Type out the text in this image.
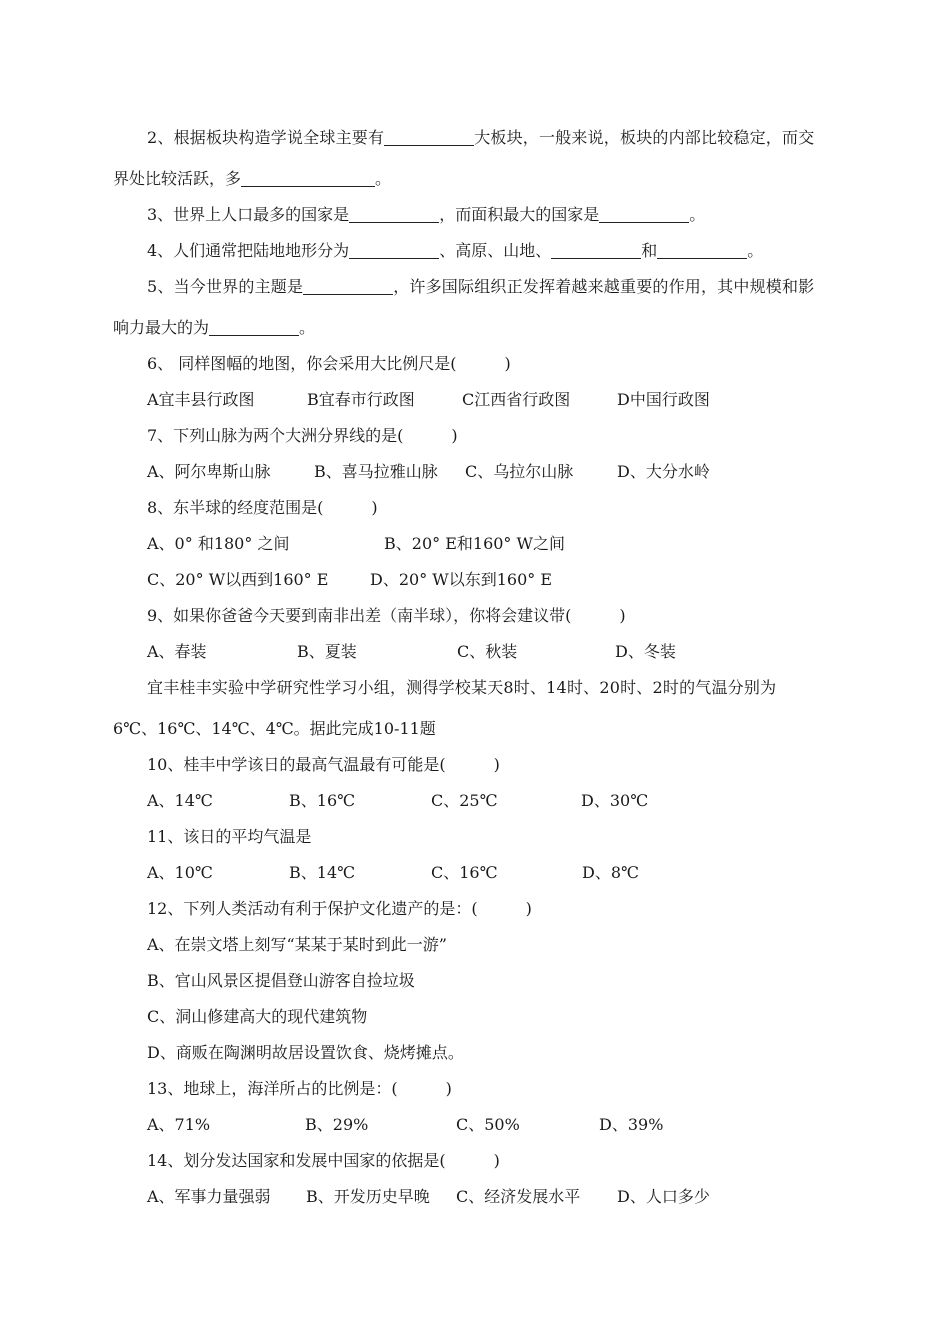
2、根据板块构造学说全球主要有	大板块，一般来说，板块的内部比较稳定，而交
界处比较活跃，多	。
3、世界上人口最多的国家是	，而面积最大的国家是	。
4、人们通常把陆地地形分为	、高原、山地、	和	。
5、当今世界的主题是	，许多国际组织正发挥着越来越重要的作用，其中规模和影
响力最大的为	。
6、 同样图幅的地图，你会采用大比例尺是(　　　)
A宜丰县行政图	B宜春市行政图	C江西省行政图	D中国行政图
7、下列山脉为两个大洲分界线的是(　　　)
A、阿尔卑斯山脉	B、喜马拉雅山脉 C、乌拉尔山脉	D、大分水岭
8、东半球的经度范围是(　　　)
A、0° 和180° 之间	B、20° E和160° W之间
C、20° W以西到160° E	D、20° W以东到160° E
9、如果你爸爸今天要到南非出差（南半球），你将会建议带(　　　)
A、春装	B、夏装	C、秋装	D、冬装
宜丰桂丰实验中学研究性学习小组，测得学校某天8时、14时、20时、2时的气温分别为
6℃、16℃、14℃、4℃。据此完成10-11题
10、桂丰中学该日的最高气温最有可能是(　　　)
A、14℃	B、16℃	C、25℃	D、30℃
11、该日的平均气温是
A、10℃	B、14℃	C、16℃	D、8℃
12、下列人类活动有利于保护文化遗产的是：(　　　)
A、在崇文塔上刻写“某某于某时到此一游”
B、官山风景区提倡登山游客自捡垃圾
C、洞山修建高大的现代建筑物
D、商贩在陶渊明故居设置饮食、烧烤摊点。
13、地球上，海洋所占的比例是：(　　　)
A、71%	B、29%	C、50%	D、39%
14、划分发达国家和发展中国家的依据是(　　　)
A、军事力量强弱 B、开发历史早晚 C、经济发展水平 D、人口多少
